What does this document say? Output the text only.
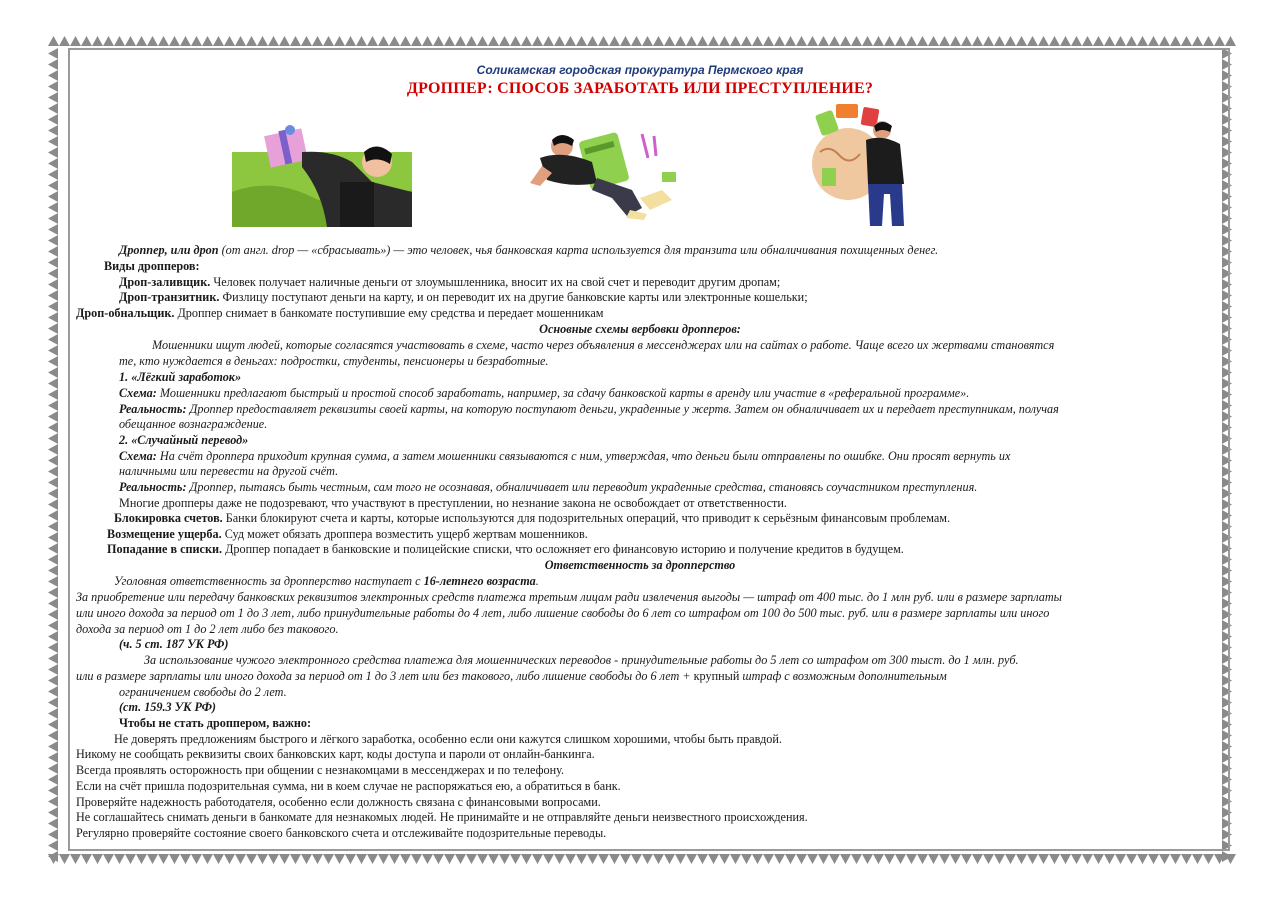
Соликамская городская прокуратура Пермского края
ДРОППЕР: СПОСОБ ЗАРАБОТАТЬ ИЛИ ПРЕСТУПЛЕНИЕ?
Дроппер, или дроп (от англ. drop — «сбрасывать») — это человек, чья банковская карта используется для транзита или обналичивания похищенных денег.
Виды дропперов:
Дроп-заливщик. Человек получает наличные деньги от злоумышленника, вносит их на свой счет и переводит другим дропам;
Дроп-транзитник. Физлицу поступают деньги на карту, и он переводит их на другие банковские карты или электронные кошельки;
Дроп-обнальщик. Дроппер снимает в банкомате поступившие ему средства и передает мошенникам
Основные схемы вербовки дропперов:
Мошенники ищут людей, которые согласятся участвовать в схеме, часто через объявления в мессенджерах или на сайтах о работе. Чаще всего их жертвами становятся
те, кто нуждается в деньгах: подростки, студенты, пенсионеры и безработные.
1. «Лёгкий заработок»
Схема: Мошенники предлагают быстрый и простой способ заработать, например, за сдачу банковской карты в аренду или участие в «реферальной программе».
Реальность: Дроппер предоставляет реквизиты своей карты, на которую поступают деньги, украденные у жертв. Затем он обналичивает их и передает преступникам, получая
обещанное вознаграждение.
2. «Случайный перевод»
Схема: На счёт дроппера приходит крупная сумма, а затем мошенники связываются с ним, утверждая, что деньги были отправлены по ошибке. Они просят вернуть их
наличными или перевести на другой счёт.
Реальность: Дроппер, пытаясь быть честным, сам того не осознавая, обналичивает или переводит украденные средства, становясь соучастником преступления.
Многие дропперы даже не подозревают, что участвуют в преступлении, но незнание закона не освобождает от ответственности.
Блокировка счетов. Банки блокируют счета и карты, которые используются для подозрительных операций, что приводит к серьёзным финансовым проблемам.
Возмещение ущерба. Суд может обязать дроппера возместить ущерб жертвам мошенников.
Попадание в списки. Дроппер попадает в банковские и полицейские списки, что осложняет его финансовую историю и получение кредитов в будущем.
Ответственность за дропперство
Уголовная ответственность за дропперство наступает с 16-летнего возраста.
За приобретение или передачу банковских реквизитов электронных средств платежа третьим лицам ради извлечения выгоды — штраф от 400 тыс. до 1 млн руб. или в размере зарплаты
или иного дохода за период от 1 до 3 лет, либо принудительные работы до 4 лет, либо лишение свободы до 6 лет со штрафом от 100 до 500 тыс. руб. или в размере зарплаты или иного
дохода за период от 1 до 2 лет либо без такового.
(ч. 5 ст. 187 УК РФ)
За использование чужого электронного средства платежа для мошеннических переводов - принудительные работы до 5 лет со штрафом от 300 тыст. до 1 млн. руб.
или в размере зарплаты или иного дохода за период от 1 до 3 лет или без такового, либо лишение свободы до 6 лет + крупный штраф с возможным дополнительным
ограничением свободы до 2 лет.
(ст. 159.3 УК РФ)
Чтобы не стать дроппером, важно:
Не доверять предложениям быстрого и лёгкого заработка, особенно если они кажутся слишком хорошими, чтобы быть правдой.
Никому не сообщать реквизиты своих банковских карт, коды доступа и пароли от онлайн-банкинга.
Всегда проявлять осторожность при общении с незнакомцами в мессенджерах и по телефону.
Если на счёт пришла подозрительная сумма, ни в коем случае не распоряжаться ею, а обратиться в банк.
Проверяйте надежность работодателя, особенно если должность связана с финансовыми вопросами.
Не соглашайтесь снимать деньги в банкомате для незнакомых людей. Не принимайте и не отправляйте деньги неизвестного происхождения.
Регулярно проверяйте состояние своего банковского счета и отслеживайте подозрительные переводы.
